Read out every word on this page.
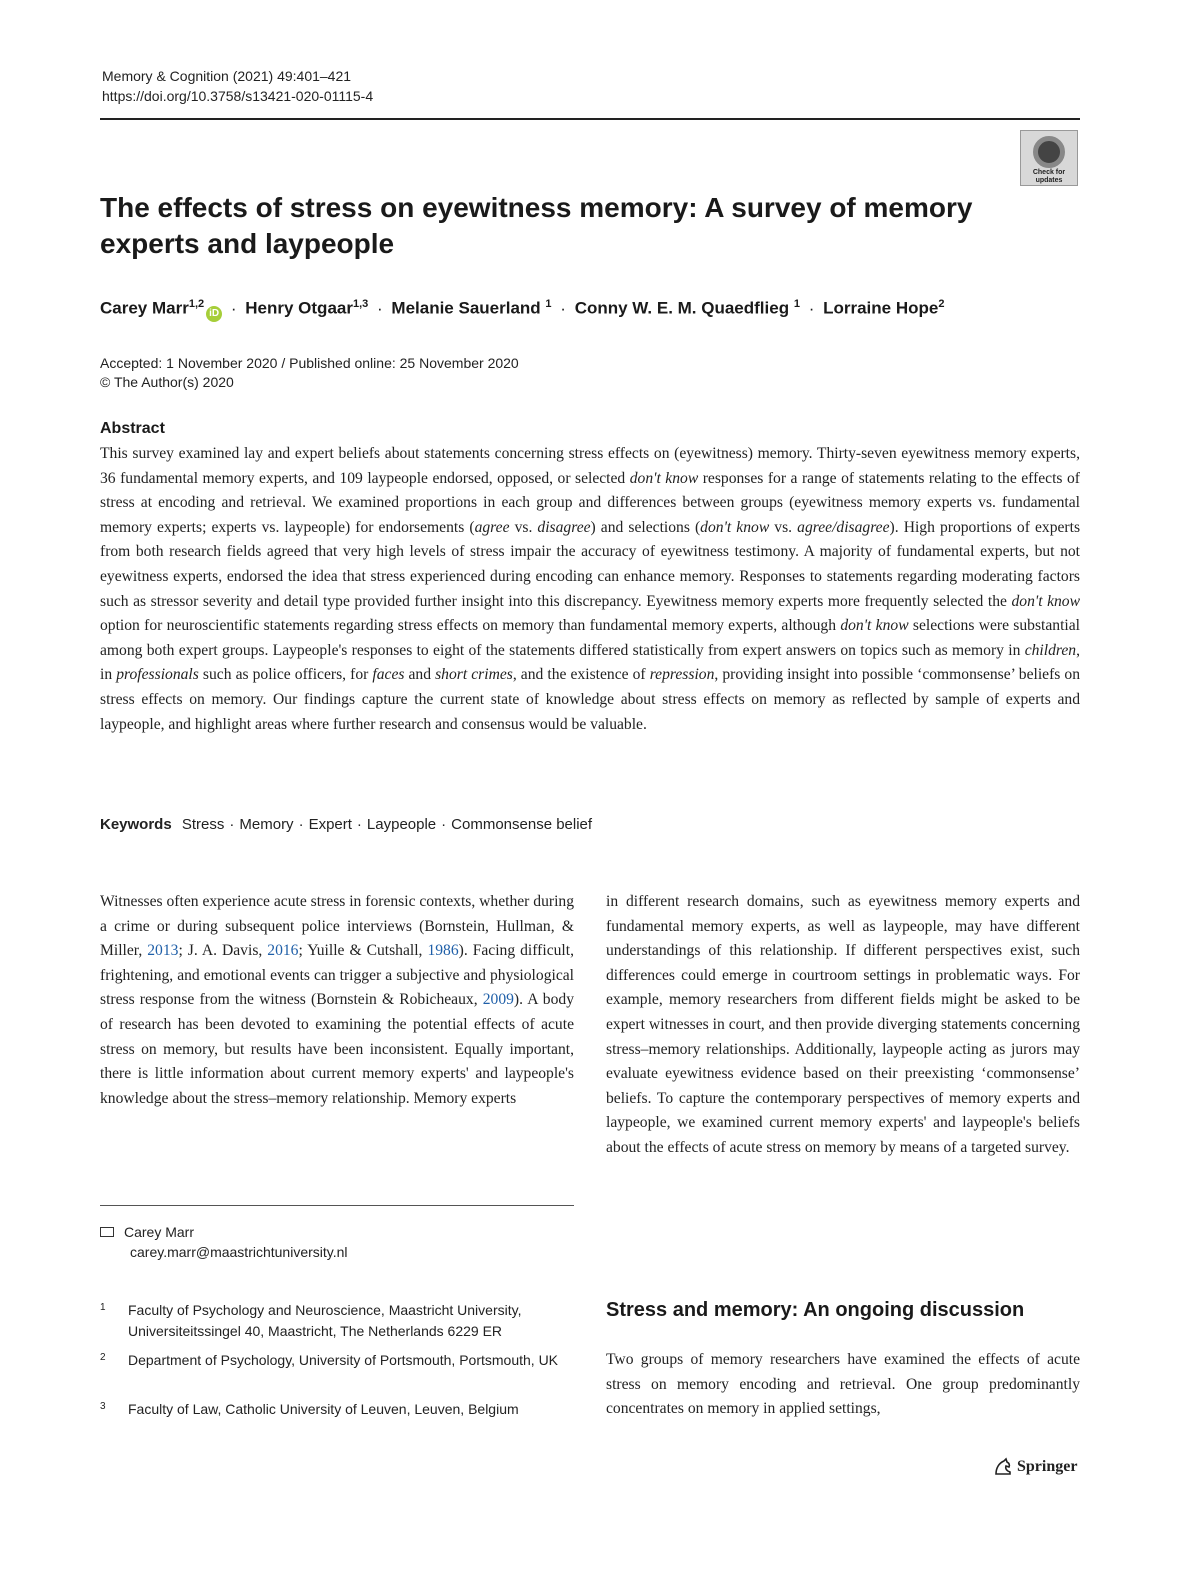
Memory & Cognition (2021) 49:401–421
https://doi.org/10.3758/s13421-020-01115-4
Check for updates
The effects of stress on eyewitness memory: A survey of memory experts and laypeople
Carey Marr$^{1,2}$iD · Henry Otgaar$^{1,3}$ · Melanie Sauerland $^1$ · Conny W. E. M. Quaedflieg $^1$ · Lorraine Hope$^2$
Accepted: 1 November 2020 / Published online: 25 November 2020
© The Author(s) 2020
Abstract

This survey examined lay and expert beliefs about statements concerning stress effects on (eyewitness) memory. Thirty-seven eyewitness memory experts, 36 fundamental memory experts, and 109 laypeople endorsed, opposed, or selected don't know responses for a range of statements relating to the effects of stress at encoding and retrieval. We examined proportions in each group and differences between groups (eyewitness memory experts vs. fundamental memory experts; experts vs. laypeople) for endorsements (agree vs. disagree) and selections (don't know vs. agree/disagree). High proportions of experts from both research fields agreed that very high levels of stress impair the accuracy of eyewitness testimony. A majority of fundamental experts, but not eyewitness experts, endorsed the idea that stress experienced during encoding can enhance memory. Responses to statements regarding moderating factors such as stressor severity and detail type provided further insight into this discrepancy. Eyewitness memory experts more frequently selected the don't know option for neuroscientific statements regarding stress effects on memory than fundamental memory experts, although don't know selections were substantial among both expert groups. Laypeople's responses to eight of the statements differed statistically from expert answers on topics such as memory in children, in professionals such as police officers, for faces and short crimes, and the existence of repression, providing insight into possible ‘commonsense’ beliefs on stress effects on memory. Our findings capture the current state of knowledge about stress effects on memory as reflected by sample of experts and laypeople, and highlight areas where further research and consensus would be valuable.

Keywords Stress · Memory · Expert · Laypeople · Commonsense belief

Witnesses often experience acute stress in forensic contexts, whether during a crime or during subsequent police interviews (Bornstein, Hullman, & Miller, 2013; J. A. Davis, 2016; Yuille & Cutshall, 1986). Facing difficult, frightening, and emotional events can trigger a subjective and physiological stress response from the witness (Bornstein & Robicheaux, 2009). A body of research has been devoted to examining the potential effects of acute stress on memory, but results have been inconsistent. Equally important, there is little information about current memory experts' and laypeople's knowledge about the stress–memory relationship. Memory experts

in different research domains, such as eyewitness memory experts and fundamental memory experts, as well as laypeople, may have different understandings of this relationship. If different perspectives exist, such differences could emerge in courtroom settings in problematic ways. For example, memory researchers from different fields might be asked to be expert witnesses in court, and then provide diverging statements concerning stress–memory relationships. Additionally, laypeople acting as jurors may evaluate eyewitness evidence based on their preexisting ‘commonsense’ beliefs. To capture the contemporary perspectives of memory experts and laypeople, we examined current memory experts' and laypeople's beliefs about the effects of acute stress on memory by means of a targeted survey.

Stress and memory: An ongoing discussion

Two groups of memory researchers have examined the effects of acute stress on memory encoding and retrieval. One group predominantly concentrates on memory in applied settings,

Carey Marr
carey.marr@maastrichtuniversity.nl
1 Faculty of Psychology and Neuroscience, Maastricht University, Universiteitssingel 40, Maastricht, The Netherlands 6229 ER
2 Department of Psychology, University of Portsmouth, Portsmouth, UK
3 Faculty of Law, Catholic University of Leuven, Leuven, Belgium
Springer
